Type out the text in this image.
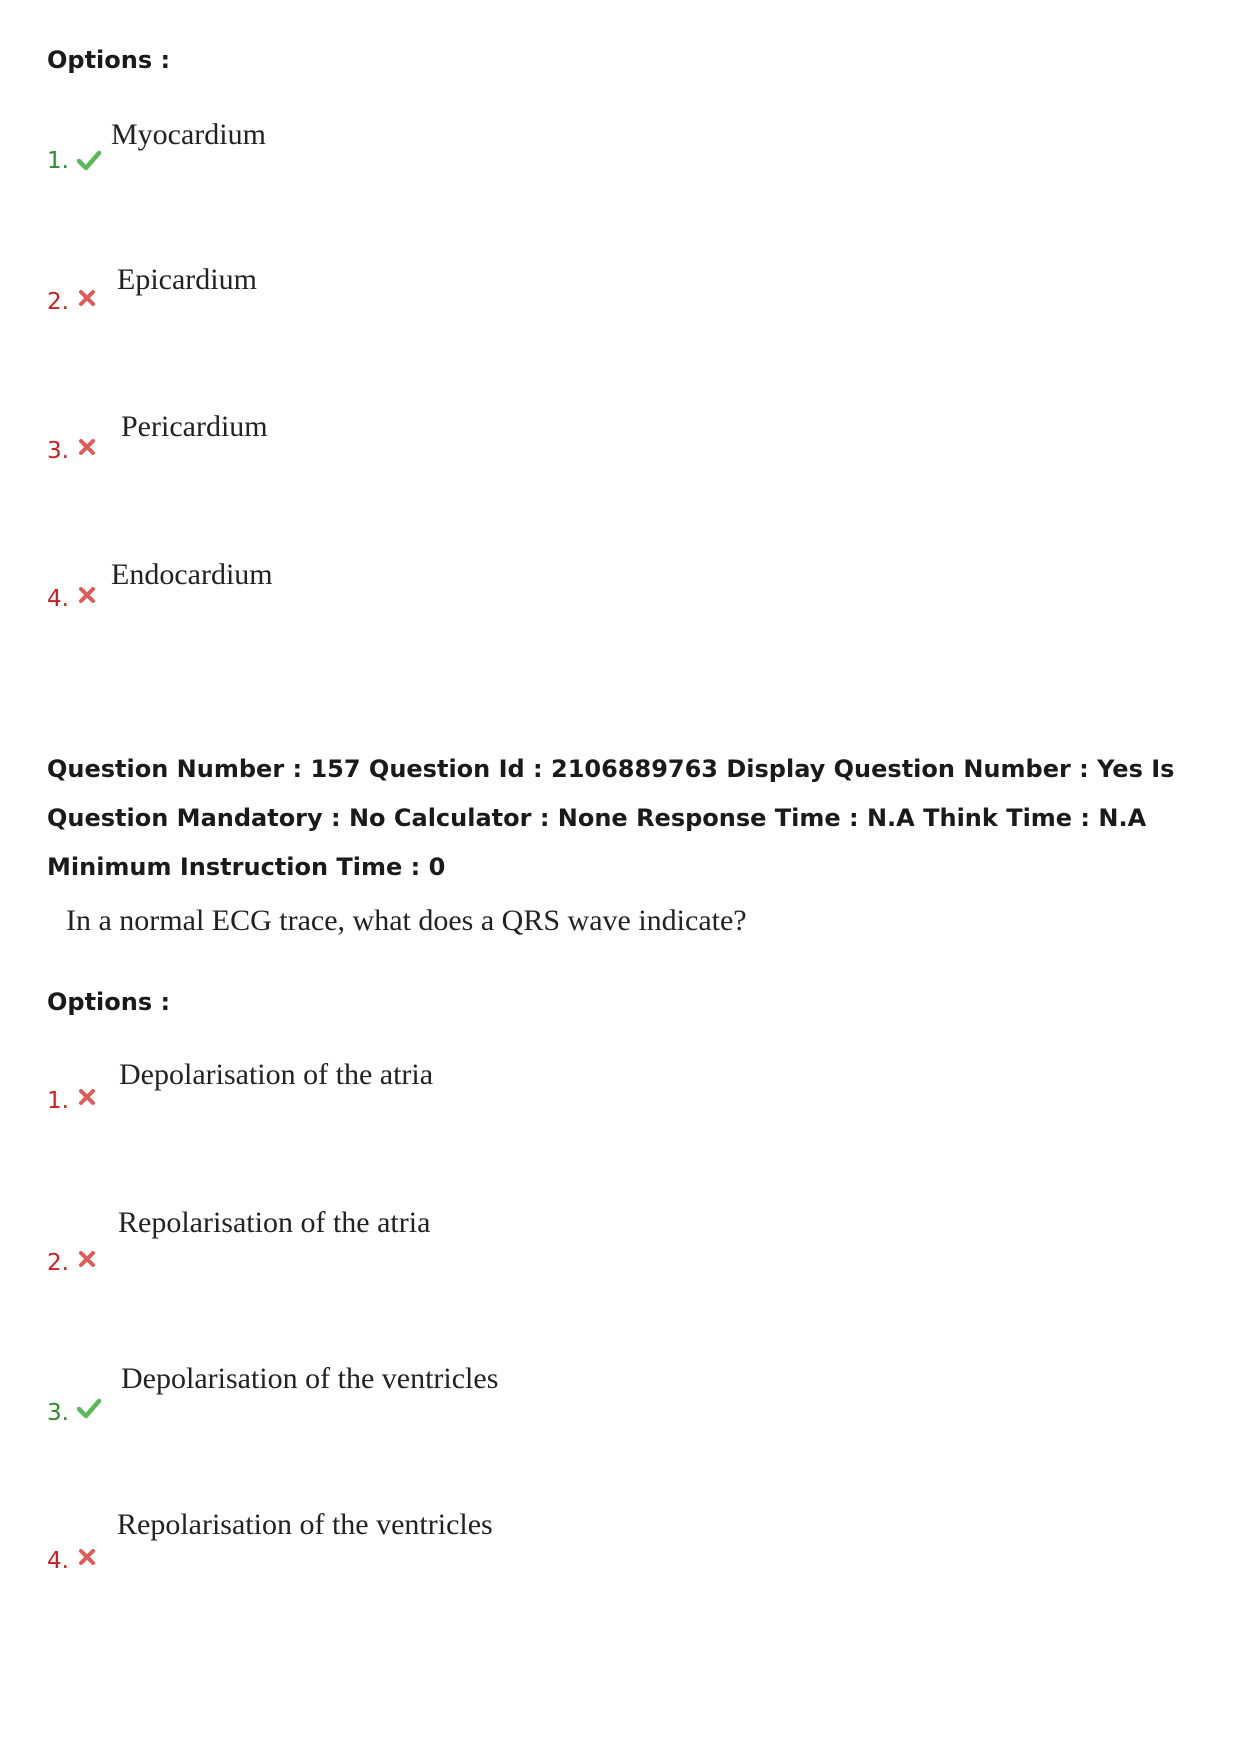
Options :

1.
Myocardium
2.
Epicardium
3.
Pericardium
4.
Endocardium

Question Number : 157 Question Id : 2106889763 Display Question Number : Yes Is Question Mandatory : No Calculator : None Response Time : N.A Think Time : N.A Minimum Instruction Time : 0

In a normal ECG trace, what does a QRS wave indicate?

Options :

1.
Depolarisation of the atria
2.
Repolarisation of the atria
3.
Depolarisation of the ventricles
4.
Repolarisation of the ventricles
